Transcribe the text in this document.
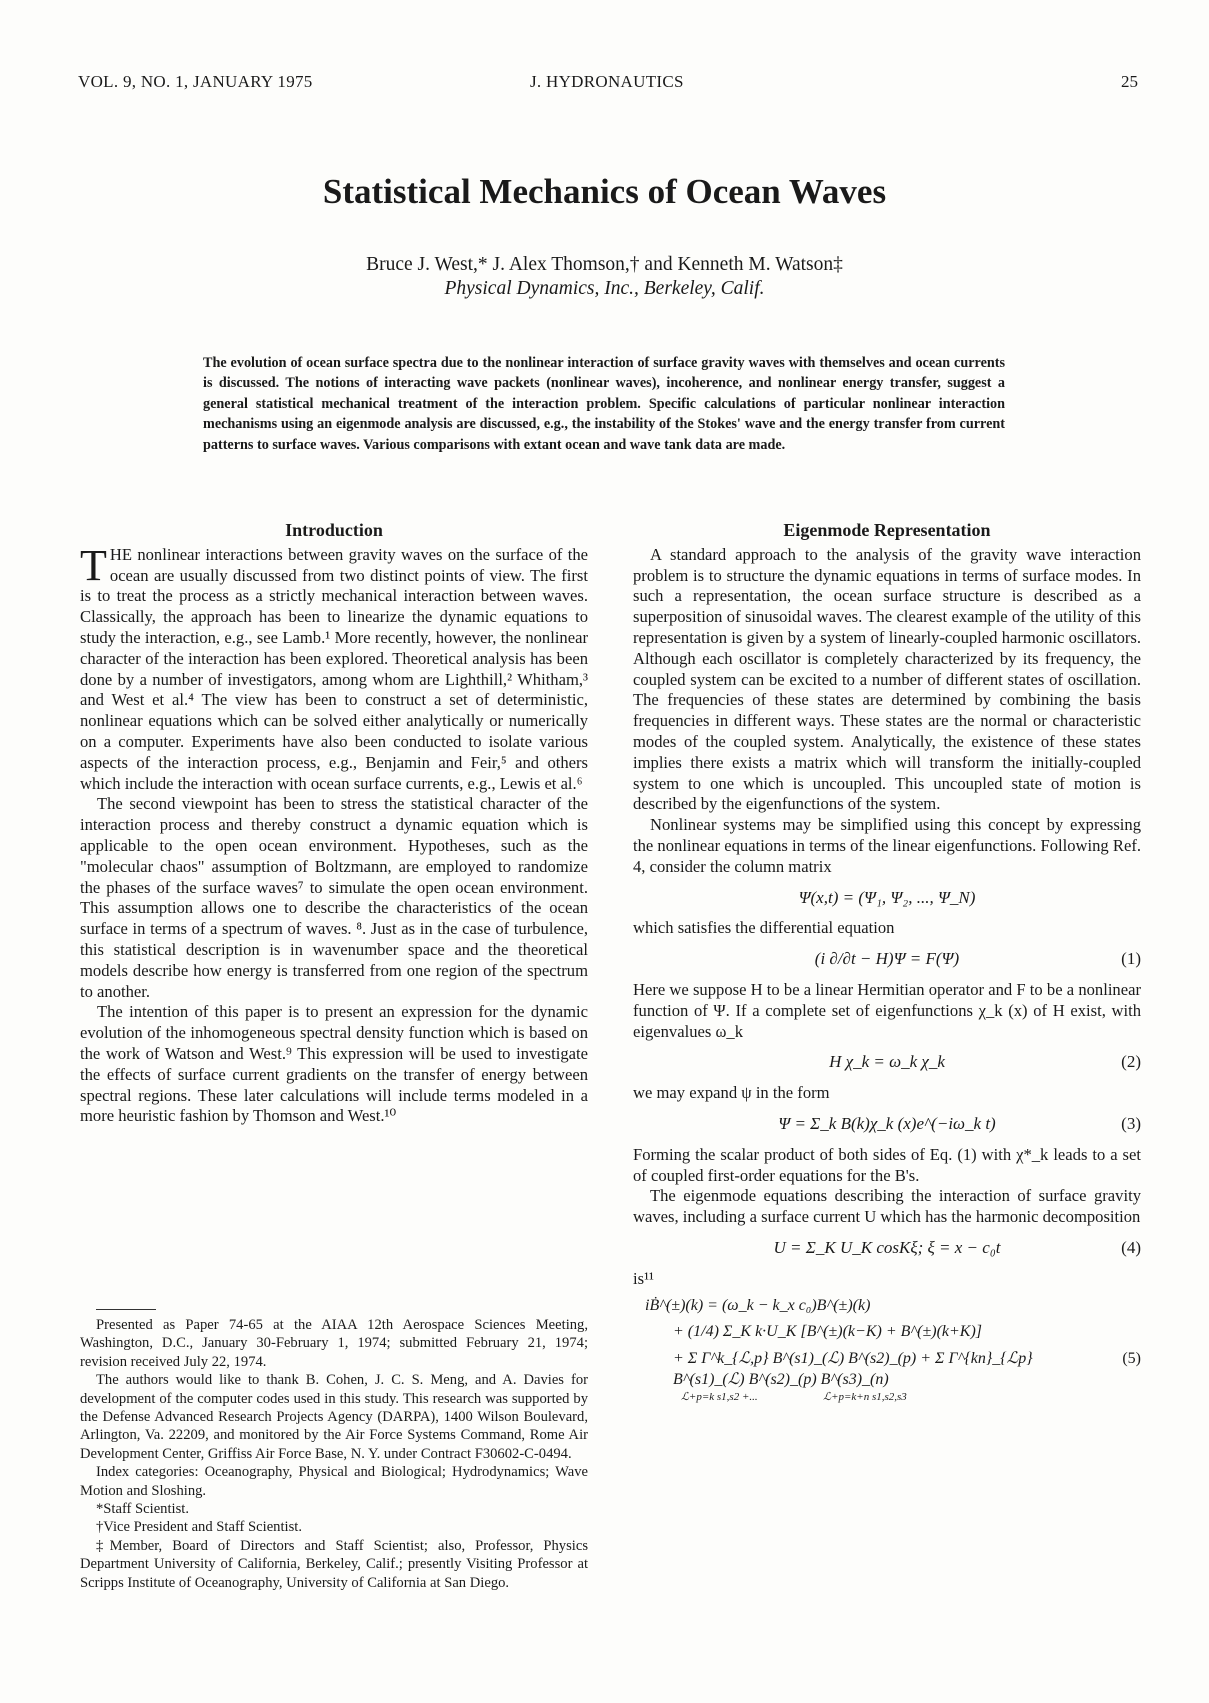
VOL. 9, NO. 1, JANUARY 1975	J. HYDRONAUTICS	25
Statistical Mechanics of Ocean Waves
Bruce J. West,* J. Alex Thomson,† and Kenneth M. Watson‡
Physical Dynamics, Inc., Berkeley, Calif.
The evolution of ocean surface spectra due to the nonlinear interaction of surface gravity waves with themselves and ocean currents is discussed. The notions of interacting wave packets (nonlinear waves), incoherence, and nonlinear energy transfer, suggest a general statistical mechanical treatment of the interaction problem. Specific calculations of particular nonlinear interaction mechanisms using an eigenmode analysis are discussed, e.g., the instability of the Stokes' wave and the energy transfer from current patterns to surface waves. Various comparisons with extant ocean and wave tank data are made.
Introduction

THE nonlinear interactions between gravity waves on the surface of the ocean are usually discussed from two distinct points of view. The first is to treat the process as a strictly mechanical interaction between waves. Classically, the approach has been to linearize the dynamic equations to study the interaction, e.g., see Lamb.¹ More recently, however, the nonlinear character of the interaction has been explored. Theoretical analysis has been done by a number of investigators, among whom are Lighthill,² Whitham,³ and West et al.⁴ The view has been to construct a set of deterministic, nonlinear equations which can be solved either analytically or numerically on a computer. Experiments have also been conducted to isolate various aspects of the interaction process, e.g., Benjamin and Feir,⁵ and others which include the interaction with ocean surface currents, e.g., Lewis et al.⁶

The second viewpoint has been to stress the statistical character of the interaction process and thereby construct a dynamic equation which is applicable to the open ocean environment. Hypotheses, such as the "molecular chaos" assumption of Boltzmann, are employed to randomize the phases of the surface waves⁷ to simulate the open ocean environment. This assumption allows one to describe the characteristics of the ocean surface in terms of a spectrum of waves. ⁸. Just as in the case of turbulence, this statistical description is in wavenumber space and the theoretical models describe how energy is transferred from one region of the spectrum to another.

The intention of this paper is to present an expression for the dynamic evolution of the inhomogeneous spectral density function which is based on the work of Watson and West.⁹ This expression will be used to investigate the effects of surface current gradients on the transfer of energy between spectral regions. These later calculations will include terms modeled in a more heuristic fashion by Thomson and West.¹⁰

Presented as Paper 74-65 at the AIAA 12th Aerospace Sciences Meeting, Washington, D.C., January 30-February 1, 1974; submitted February 21, 1974; revision received July 22, 1974.

The authors would like to thank B. Cohen, J. C. S. Meng, and A. Davies for development of the computer codes used in this study. This research was supported by the Defense Advanced Research Projects Agency (DARPA), 1400 Wilson Boulevard, Arlington, Va. 22209, and monitored by the Air Force Systems Command, Rome Air Development Center, Griffiss Air Force Base, N. Y. under Contract F30602-C-0494.

Index categories: Oceanography, Physical and Biological; Hydrodynamics; Wave Motion and Sloshing.

*Staff Scientist.

†Vice President and Staff Scientist.

‡Member, Board of Directors and Staff Scientist; also, Professor, Physics Department University of California, Berkeley, Calif.; presently Visiting Professor at Scripps Institute of Oceanography, University of California at San Diego.

Eigenmode Representation

A standard approach to the analysis of the gravity wave interaction problem is to structure the dynamic equations in terms of surface modes. In such a representation, the ocean surface structure is described as a superposition of sinusoidal waves. The clearest example of the utility of this representation is given by a system of linearly-coupled harmonic oscillators. Although each oscillator is completely characterized by its frequency, the coupled system can be excited to a number of different states of oscillation. The frequencies of these states are determined by combining the basis frequencies in different ways. These states are the normal or characteristic modes of the coupled system. Analytically, the existence of these states implies there exists a matrix which will transform the initially-coupled system to one which is uncoupled. This uncoupled state of motion is described by the eigenfunctions of the system.

Nonlinear systems may be simplified using this concept by expressing the nonlinear equations in terms of the linear eigenfunctions. Following Ref. 4, consider the column matrix

Ψ(x,t) = (Ψ₁, Ψ₂, ..., Ψ_N)

which satisfies the differential equation

(i ∂/∂t − H)Ψ = F(Ψ)	(1)

Here we suppose H to be a linear Hermitian operator and F to be a nonlinear function of Ψ. If a complete set of eigenfunctions χ_k (x) of H exist, with eigenvalues ω_k

H χ_k = ω_k χ_k	(2)

we may expand ψ in the form

Ψ = Σ_k B(k)χ_k (x)e^(−iω_k t)	(3)

Forming the scalar product of both sides of Eq. (1) with χ*_k leads to a set of coupled first-order equations for the B's.

The eigenmode equations describing the interaction of surface gravity waves, including a surface current U which has the harmonic decomposition

U = Σ_K U_K cosKξ; ξ = x − c₀t	(4)

is¹¹

iḂ^(±)(k) = (ω_k − k_x c₀)B^(±)(k)
+ (1/4) Σ_K k·U_K [B^(±)(k−K) + B^(±)(k+K)]
+ Σ Γ^k_{ℒ,p} B^(s1)_(ℒ) B^(s2)_(p) + Σ Γ^{kn}_{ℒp} B^(s1)_(ℒ) B^(s2)_(p) B^(s3)_(n)
(5)
ℒ+p=k s1,s2 +...	ℒ+p=k+n s1,s2,s3
